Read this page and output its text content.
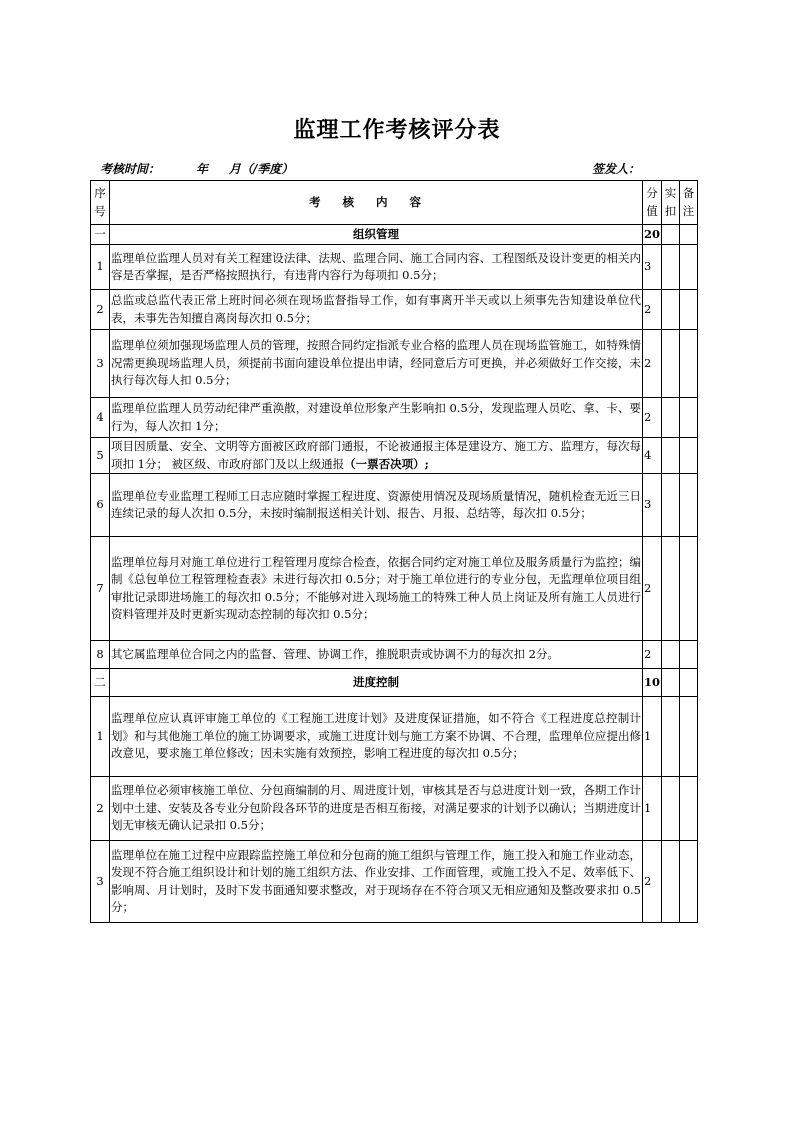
监理工作考核评分表
考核时间：	年 月（/季度）	签发人：
序号	考核内容	分值	实扣	备注
一	组织管理	20		
1	监理单位监理人员对有关工程建设法律、法规、监理合同、施工合同内容、工程图纸及设计变更的相关内容是否掌握，是否严格按照执行，有违背内容行为每项扣 0.5分；	3		
2	总监或总监代表正常上班时间必须在现场监督指导工作，如有事离开半天或以上须事先告知建设单位代表，未事先告知擅自离岗每次扣 0.5分；	2		
3	监理单位须加强现场监理人员的管理，按照合同约定指派专业合格的监理人员在现场监管施工，如特殊情况需更换现场监理人员，须提前书面向建设单位提出申请，经同意后方可更换，并必须做好工作交接，未执行每次每人扣 0.5分；	2		
4	监理单位监理人员劳动纪律严重涣散，对建设单位形象产生影响扣 0.5分，发现监理人员吃、拿、卡、要行为，每人次扣 1分；	2		
5	项目因质量、安全、文明等方面被区政府部门通报，不论被通报主体是建设方、施工方、监理方，每次每项扣 1分； 被区级、市政府部门及以上级通报（一票否决项）;	4		
6	监理单位专业监理工程师工日志应随时掌握工程进度、资源使用情况及现场质量情况，随机检查无近三日连续记录的每人次扣 0.5分，未按时编制报送相关计划、报告、月报、总结等，每次扣 0.5分；	3		
7	监理单位每月对施工单位进行工程管理月度综合检查，依据合同约定对施工单位及服务质量行为监控；编制《总包单位工程管理检查表》未进行每次扣 0.5分；对于施工单位进行的专业分包，无监理单位项目组审批记录即进场施工的每次扣 0.5分；不能够对进入现场施工的特殊工种人员上岗证及所有施工人员进行资料管理并及时更新实现动态控制的每次扣 0.5分；	2		
8	其它属监理单位合同之内的监督、管理、协调工作，推脱职责或协调不力的每次扣 2分。	2		
二	进度控制	10		
1	监理单位应认真评审施工单位的《工程施工进度计划》及进度保证措施，如不符合《工程进度总控制计划》和与其他施工单位的施工协调要求，或施工进度计划与施工方案不协调、不合理，监理单位应提出修改意见，要求施工单位修改；因未实施有效预控，影响工程进度的每次扣 0.5分；	1		
2	监理单位必须审核施工单位、分包商编制的月、周进度计划，审核其是否与总进度计划一致，各期工作计划中土建、安装及各专业分包阶段各环节的进度是否相互衔接，对满足要求的计划予以确认；当期进度计划无审核无确认记录扣 0.5分；	1		
3	监理单位在施工过程中应跟踪监控施工单位和分包商的施工组织与管理工作，施工投入和施工作业动态，发现不符合施工组织设计和计划的施工组织方法、作业安排、工作面管理，或施工投入不足、效率低下、影响周、月计划时，及时下发书面通知要求整改，对于现场存在不符合项又无相应通知及整改要求扣 0.5分；	2		
